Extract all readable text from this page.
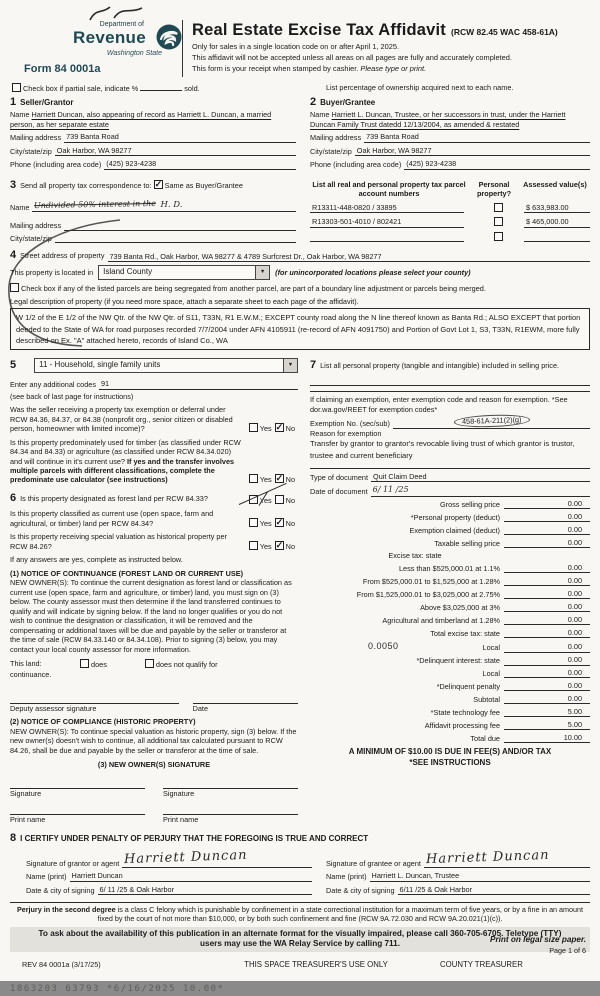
Department of
Revenue
Washington State
Form 84 0001a
Real Estate Excise Tax Affidavit (RCW 82.45 WAC 458-61A)
Only for sales in a single location code on or after April 1, 2025.
This affidavit will not be accepted unless all areas on all pages are fully and accurately completed.
This form is your receipt when stamped by cashier. Please type or print.
Check box if partial sale, indicate %	sold.	List percentage of ownership acquired next to each name.
1 Seller/Grantor
Name Harriett Duncan, also appearing of record as Harriett L. Duncan, a married person, as her separate estate
Mailing address 739 Banta Road
City/state/zip Oak Harbor, WA 98277
Phone (including area code) (425) 923-4238
2 Buyer/Grantee
Name Harriett L. Duncan, Trustee, or her successors in trust, under the Harriett Duncan Family Trust datedd 12/13/2004, as amended & restated
Mailing address 739 Banta Road
City/state/zip Oak Harbor, WA 98277
Phone (including area code) (425) 923-4238
3 Send all property tax correspondence to: ✓ Same as Buyer/Grantee
Name Undivided 50% interest in the H. D.
Mailing address
City/state/zip
List all real and personal property tax parcel account numbers
Personal property?
Assessed value(s)
R13311-448-0820 / 33895	$ 633,983.00
R13303-501-4010 / 802421	$ 465,000.00
4 Street address of property 739 Banta Rd., Oak Harbor, WA 98277 & 4789 Surfcrest Dr., Oak Harbor, WA 98277
This property is located in	Island County ▼	(for unincorporated locations please select your county)
Check box if any of the listed parcels are being segregated from another parcel, are part of a boundary line adjustment or parcels being merged.
Legal description of property (if you need more space, attach a separate sheet to each page of the affidavit).
W 1/2 of the E 1/2 of the NW Qtr. of the NW Qtr. of S11, T33N, R1 E.W.M.; EXCEPT county road along the N line thereof known as Banta Rd.; ALSO EXCEPT that portion deeded to the State of WA for road purposes recorded 7/7/2004 under AFN 4105911 (re-record of AFN 4091750) and Portion of Govt Lot 1, S3, T33N, R1EWM, more fully described on Ex. "A" attached hereto, records of Island Co., WA
5	11 - Household, single family units
▼
Enter any additional codes 91
(see back of last page for instructions)
Was the seller receiving a property tax exemption or deferral under RCW 84.36, 84.37, or 84.38 (nonprofit org., senior citizen or disabled person, homeowner with limited income)?	Yes ✓ No
Is this property predominately used for timber (as classified under RCW 84.34 and 84.33) or agriculture (as classified under RCW 84.34.020) and will continue in it's current use? If yes and the transfer involves multiple parcels with different classifications, complete the predominate use calculator (see instructions)	Yes ✓ No
6 Is this property designated as forest land per RCW 84.33?	Yes No
Is this property classified as current use (open space, farm and agricultural, or timber) land per RCW 84.34?	Yes ✓ No
Is this property receiving special valuation as historical property per RCW 84.26?	Yes ✓ No
If any answers are yes, complete as instructed below.
(1) NOTICE OF CONTINUANCE (FOREST LAND OR CURRENT USE)
NEW OWNER(S): To continue the current designation as forest land or classification as current use (open space, farm and agriculture, or timber) land, you must sign on (3) below. The county assessor must then determine if the land transferred continues to qualify and will indicate by signing below. If the land no longer qualifies or you do not wish to continue the designation or classification, it will be removed and the compensating or additional taxes will be due and payable by the seller or transferor at the time of sale (RCW 84.33.140 or 84.34.108). Prior to signing (3) below, you may contact your local county assessor for more information.
This land:	does	does not qualify for
continuance.
Deputy assessor signature	Date
(2) NOTICE OF COMPLIANCE (HISTORIC PROPERTY)
NEW OWNER(S): To continue special valuation as historic property, sign (3) below. If the new owner(s) doesn't wish to continue, all additional tax calculated pursuant to RCW 84.26, shall be due and payable by the seller or transferor at the time of sale.
(3) NEW OWNER(S) SIGNATURE
Signature	Signature
Print name	Print name
7 List all personal property (tangible and intangible) included in selling price.
If claiming an exemption, enter exemption code and reason for exemption. *See dor.wa.gov/REET for exemption codes*
Exemption No. (sec/sub)	458-61A-211(2)(g)
Reason for exemption
Transfer by grantor to grantor's revocable living trust of which grantor is trustor, trustee and current beneficiary
Type of document Quit Claim Deed
Date of document 6/ 11 /25
Gross selling price	0.00
*Personal property (deduct)	0.00
Exemption claimed (deduct)	0.00
Taxable selling price	0.00
Excise tax: state
Less than $525,000.01 at 1.1%	0.00
From $525,000.01 to $1,525,000 at 1.28%	0.00
From $1,525,000.01 to $3,025,000 at 2.75%	0.00
Above $3,025,000 at 3%	0.00
Agricultural and timberland at 1.28%	0.00
Total excise tax: state	0.00
0.0050	Local	0.00
*Delinquent interest: state	0.00
Local	0.00
*Delinquent penalty	0.00
Subtotal	0.00
*State technology fee	5.00
Affidavit processing fee	5.00
Total due	10.00
A MINIMUM OF $10.00 IS DUE IN FEE(S) AND/OR TAX
*SEE INSTRUCTIONS
8 I CERTIFY UNDER PENALTY OF PERJURY THAT THE FOREGOING IS TRUE AND CORRECT
Signature of grantor or agent Harriett Duncan
Name (print) Harriett Duncan
Date & city of signing 6/ 11 /25 & Oak Harbor
Signature of grantee or agent Harriett Duncan
Name (print) Harriett L. Duncan, Trustee
Date & city of signing 6/11 /25 & Oak Harbor
Perjury in the second degree is a class C felony which is punishable by confinement in a state correctional institution for a maximum term of five years, or by a fine in an amount fixed by the court of not more than $10,000, or by both such confinement and fine (RCW 9A.72.030 and RCW 9A.20.021(1)(c)).
To ask about the availability of this publication in an alternate format for the visually impaired, please call 360-705-6705. Teletype (TTY) users may use the WA Relay Service by calling 711.
REV 84 0001a (3/17/25)	THIS SPACE TREASURER'S USE ONLY	COUNTY TREASURER
1863203 63793 *6/16/2025 10.00*
Print on legal size paper.
Page 1 of 6
